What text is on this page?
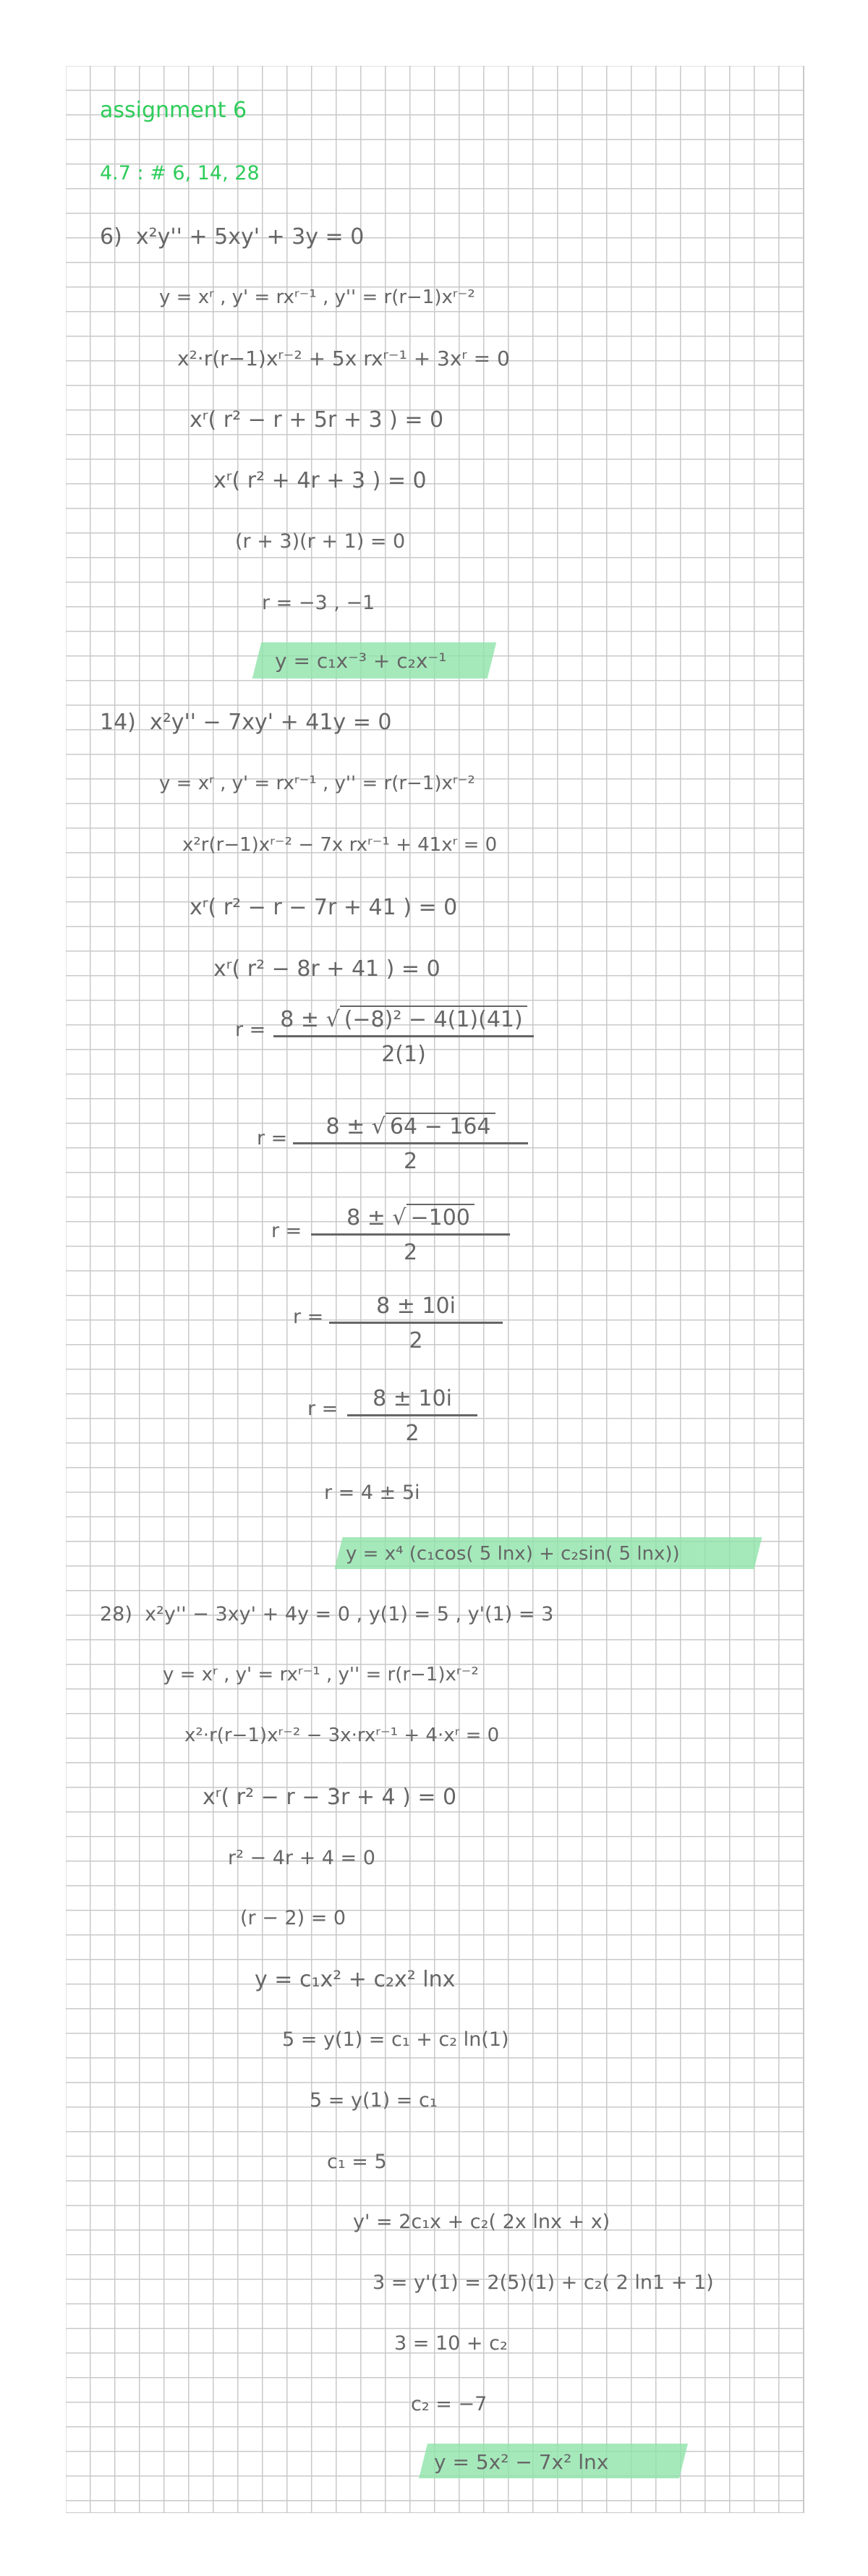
assignment 6
4.7 : # 6, 14, 28
6) x²y'' + 5xy' + 3y = 0
y = xʳ , y' = rxʳ⁻¹ , y'' = r(r−1)xʳ⁻²
x²·r(r−1)xʳ⁻² + 5x rxʳ⁻¹ + 3xʳ = 0
xʳ( r² − r + 5r + 3 ) = 0
xʳ( r² + 4r + 3 ) = 0
(r + 3)(r + 1) = 0
r = −3 , −1
y = c₁x⁻³ + c₂x⁻¹
14) x²y'' − 7xy' + 41y = 0
y = xʳ , y' = rxʳ⁻¹ , y'' = r(r−1)xʳ⁻²
x²r(r−1)xʳ⁻² − 7x rxʳ⁻¹ + 41xʳ = 0
xʳ( r² − r − 7r + 41 ) = 0
xʳ( r² − 8r + 41 ) = 0
r = 8 ± √ (−8)² − 4(1)(41)
2(1)
r =	8 ± √ 64 − 164
2
r =
8 ± √ −100
2
r =	8 ± 10i
2
r =	8 ± 10i
2
r = 4 ± 5i
y = x⁴ (c₁cos( 5 lnx) + c₂sin( 5 lnx))
28) x²y'' − 3xy' + 4y = 0 , y(1) = 5 , y'(1) = 3
y = xʳ , y' = rxʳ⁻¹ , y'' = r(r−1)xʳ⁻²
x²·r(r−1)xʳ⁻² − 3x·rxʳ⁻¹ + 4·xʳ = 0
xʳ( r² − r − 3r + 4 ) = 0
r² − 4r + 4 = 0
(r − 2) = 0
y = c₁x² + c₂x² lnx
5 = y(1) = c₁ + c₂ ln(1)
5 = y(1) = c₁
c₁ = 5
y' = 2c₁x + c₂( 2x lnx + x)
3 = y'(1) = 2(5)(1) + c₂( 2 ln1 + 1)
3 = 10 + c₂
c₂ = −7
y = 5x² − 7x² lnx
